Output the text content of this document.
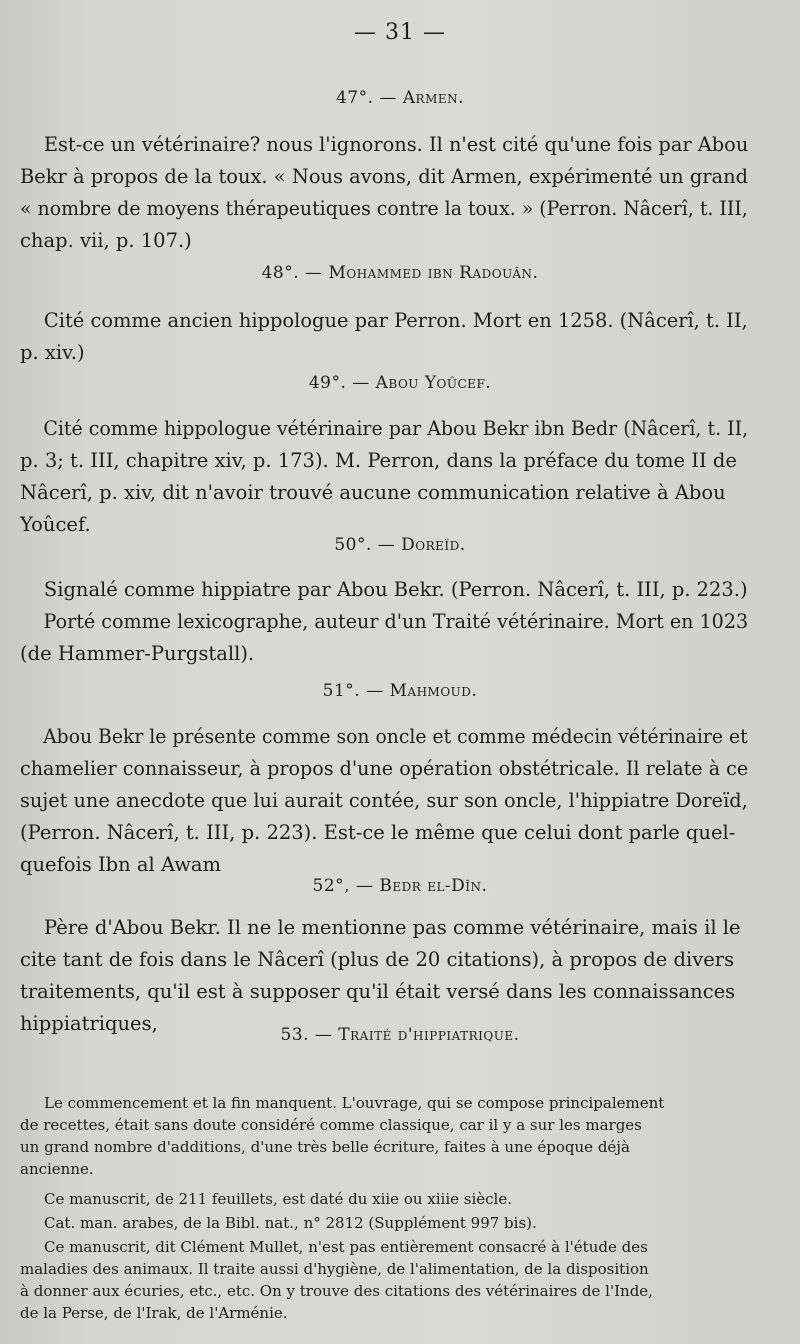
— 31 —
47°. — Armen.
Est-ce un vétérinaire? nous l'ignorons. Il n'est cité qu'une fois par Abou
Bekr à propos de la toux. « Nous avons, dit Armen, expérimenté un grand
« nombre de moyens thérapeutiques contre la toux. » (Perron. Nâcerî, t. III,
chap. vii, p. 107.)
48°. — Mohammed ibn Radouân.
Cité comme ancien hippologue par Perron. Mort en 1258. (Nâcerî, t. II,
p. xiv.)
49°. — Abou Yoûcef.
Cité comme hippologue vétérinaire par Abou Bekr ibn Bedr (Nâcerî, t. II,
p. 3; t. III, chapitre xiv, p. 173). M. Perron, dans la préface du tome II de
Nâcerî, p. xiv, dit n'avoir trouvé aucune communication relative à Abou
Yoûcef.
50°. — Doreïd.
Signalé comme hippiatre par Abou Bekr. (Perron. Nâcerî, t. III, p. 223.)
Porté comme lexicographe, auteur d'un Traité vétérinaire. Mort en 1023
(de Hammer-Purgstall).
51°. — Mahmoud.
Abou Bekr le présente comme son oncle et comme médecin vétérinaire et
chamelier connaisseur, à propos d'une opération obstétricale. Il relate à ce
sujet une anecdote que lui aurait contée, sur son oncle, l'hippiatre Doreïd,
(Perron. Nâcerî, t. III, p. 223). Est-ce le même que celui dont parle quel-
quefois Ibn al Awam
52°, — Bedr el-Dîn.
Père d'Abou Bekr. Il ne le mentionne pas comme vétérinaire, mais il le
cite tant de fois dans le Nâcerî (plus de 20 citations), à propos de divers
traitements, qu'il est à supposer qu'il était versé dans les connaissances
hippiatriques,	53. — Traité d'hippiatrique.
Le commencement et la fin manquent. L'ouvrage, qui se compose principalement
de recettes, était sans doute considéré comme classique, car il y a sur les marges
un grand nombre d'additions, d'une très belle écriture, faites à une époque déjà
ancienne.
Ce manuscrit, de 211 feuillets, est daté du xiie ou xiiie siècle.
Cat. man. arabes, de la Bibl. nat., n° 2812 (Supplément 997 bis).
Ce manuscrit, dit Clément Mullet, n'est pas entièrement consacré à l'étude des
maladies des animaux. Il traite aussi d'hygiène, de l'alimentation, de la disposition
à donner aux écuries, etc., etc. On y trouve des citations des vétérinaires de l'Inde,
de la Perse, de l'Irak, de l'Arménie.
